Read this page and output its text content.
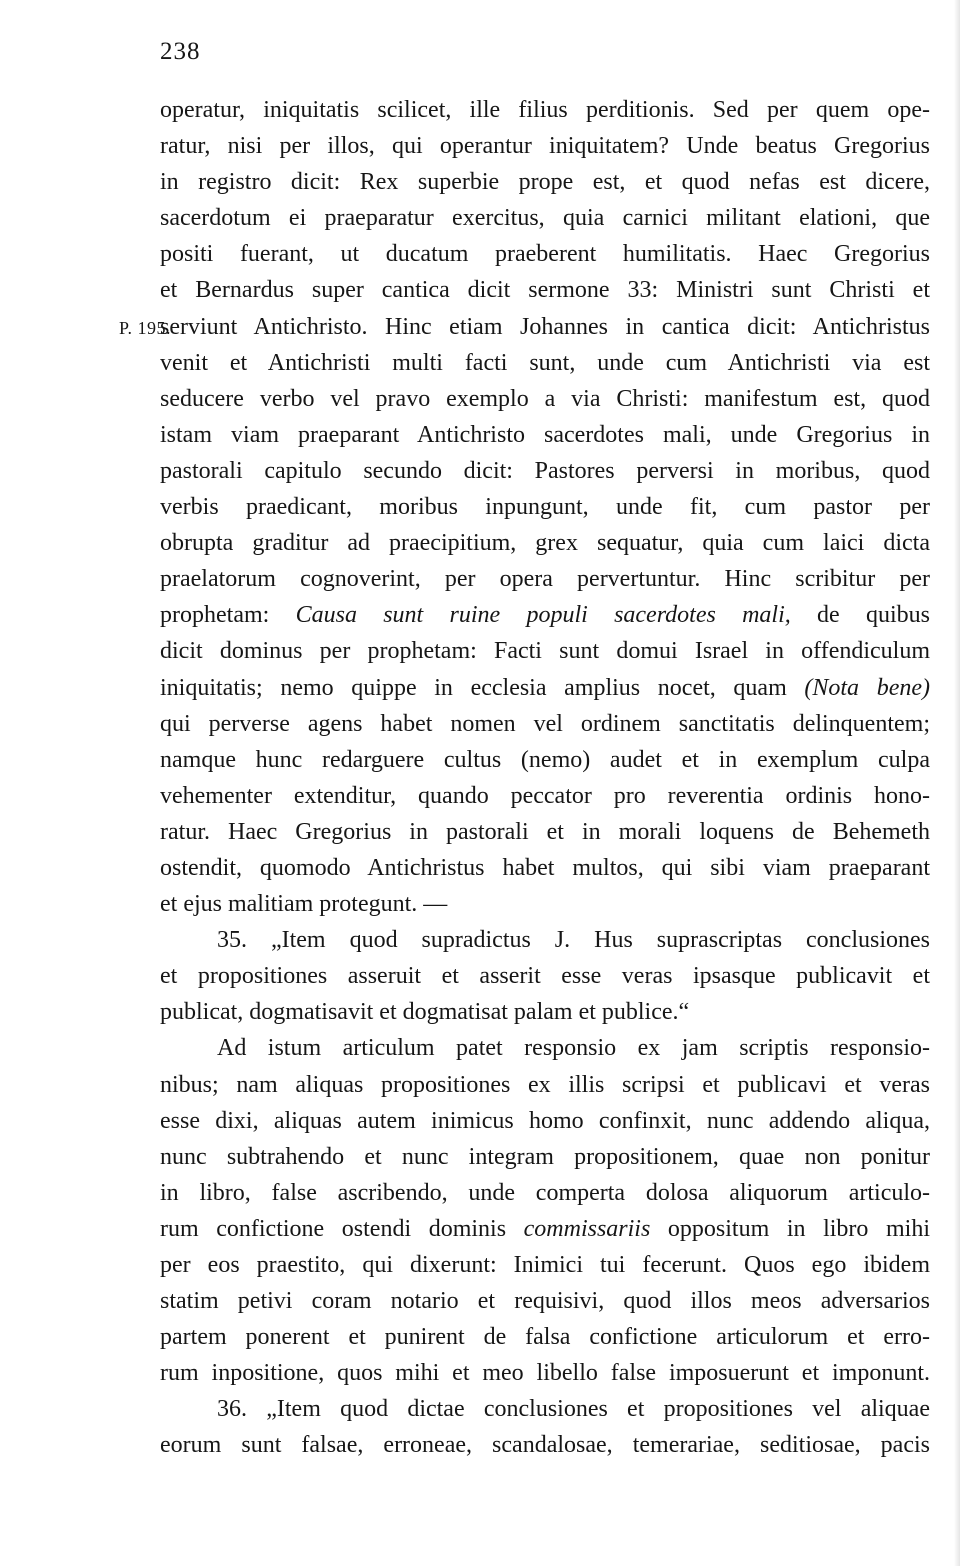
238
P. 195.
operatur, iniquitatis scilicet, ille filius perditionis. Sed per quem ope-
ratur, nisi per illos, qui operantur iniquitatem? Unde beatus Gregorius
in registro dicit: Rex superbie prope est, et quod nefas est dicere,
sacerdotum ei praeparatur exercitus, quia carnici militant elationi, que
positi fuerant, ut ducatum praeberent humilitatis. Haec Gregorius
et Bernardus super cantica dicit sermone 33: Ministri sunt Christi et
serviunt Antichristo. Hinc etiam Johannes in cantica dicit: Antichristus
venit et Antichristi multi facti sunt, unde cum Antichristi via est
seducere verbo vel pravo exemplo a via Christi: manifestum est, quod
istam viam praeparant Antichristo sacerdotes mali, unde Gregorius in
pastorali capitulo secundo dicit: Pastores perversi in moribus, quod
verbis praedicant, moribus inpungunt, unde fit, cum pastor per
obrupta graditur ad praecipitium, grex sequatur, quia cum laici dicta
praelatorum cognoverint, per opera pervertuntur. Hinc scribitur per
prophetam: Causa sunt ruine populi sacerdotes mali, de quibus
dicit dominus per prophetam: Facti sunt domui Israel in offendiculum
iniquitatis; nemo quippe in ecclesia amplius nocet, quam (Nota bene)
qui perverse agens habet nomen vel ordinem sanctitatis delinquentem;
namque hunc redarguere cultus (nemo) audet et in exemplum culpa
vehementer extenditur, quando peccator pro reverentia ordinis hono-
ratur. Haec Gregorius in pastorali et in morali loquens de Behemeth
ostendit, quomodo Antichristus habet multos, qui sibi viam praeparant
et ejus malitiam protegunt. —
35. „Item quod supradictus J. Hus suprascriptas conclusiones
et propositiones asseruit et asserit esse veras ipsasque publicavit et
publicat, dogmatisavit et dogmatisat palam et publice.“
Ad istum articulum patet responsio ex jam scriptis responsio-
nibus; nam aliquas propositiones ex illis scripsi et publicavi et veras
esse dixi, aliquas autem inimicus homo confinxit, nunc addendo aliqua,
nunc subtrahendo et nunc integram propositionem, quae non ponitur
in libro, false ascribendo, unde comperta dolosa aliquorum articulo-
rum confictione ostendi dominis commissariis oppositum in libro mihi
per eos praestito, qui dixerunt: Inimici tui fecerunt. Quos ego ibidem
statim petivi coram notario et requisivi, quod illos meos adversarios
partem ponerent et punirent de falsa confictione articulorum et erro-
rum inpositione, quos mihi et meo libello false imposuerunt et imponunt.
36. „Item quod dictae conclusiones et propositiones vel aliquae
eorum sunt falsae, erroneae, scandalosae, temerariae, seditiosae, pacis
